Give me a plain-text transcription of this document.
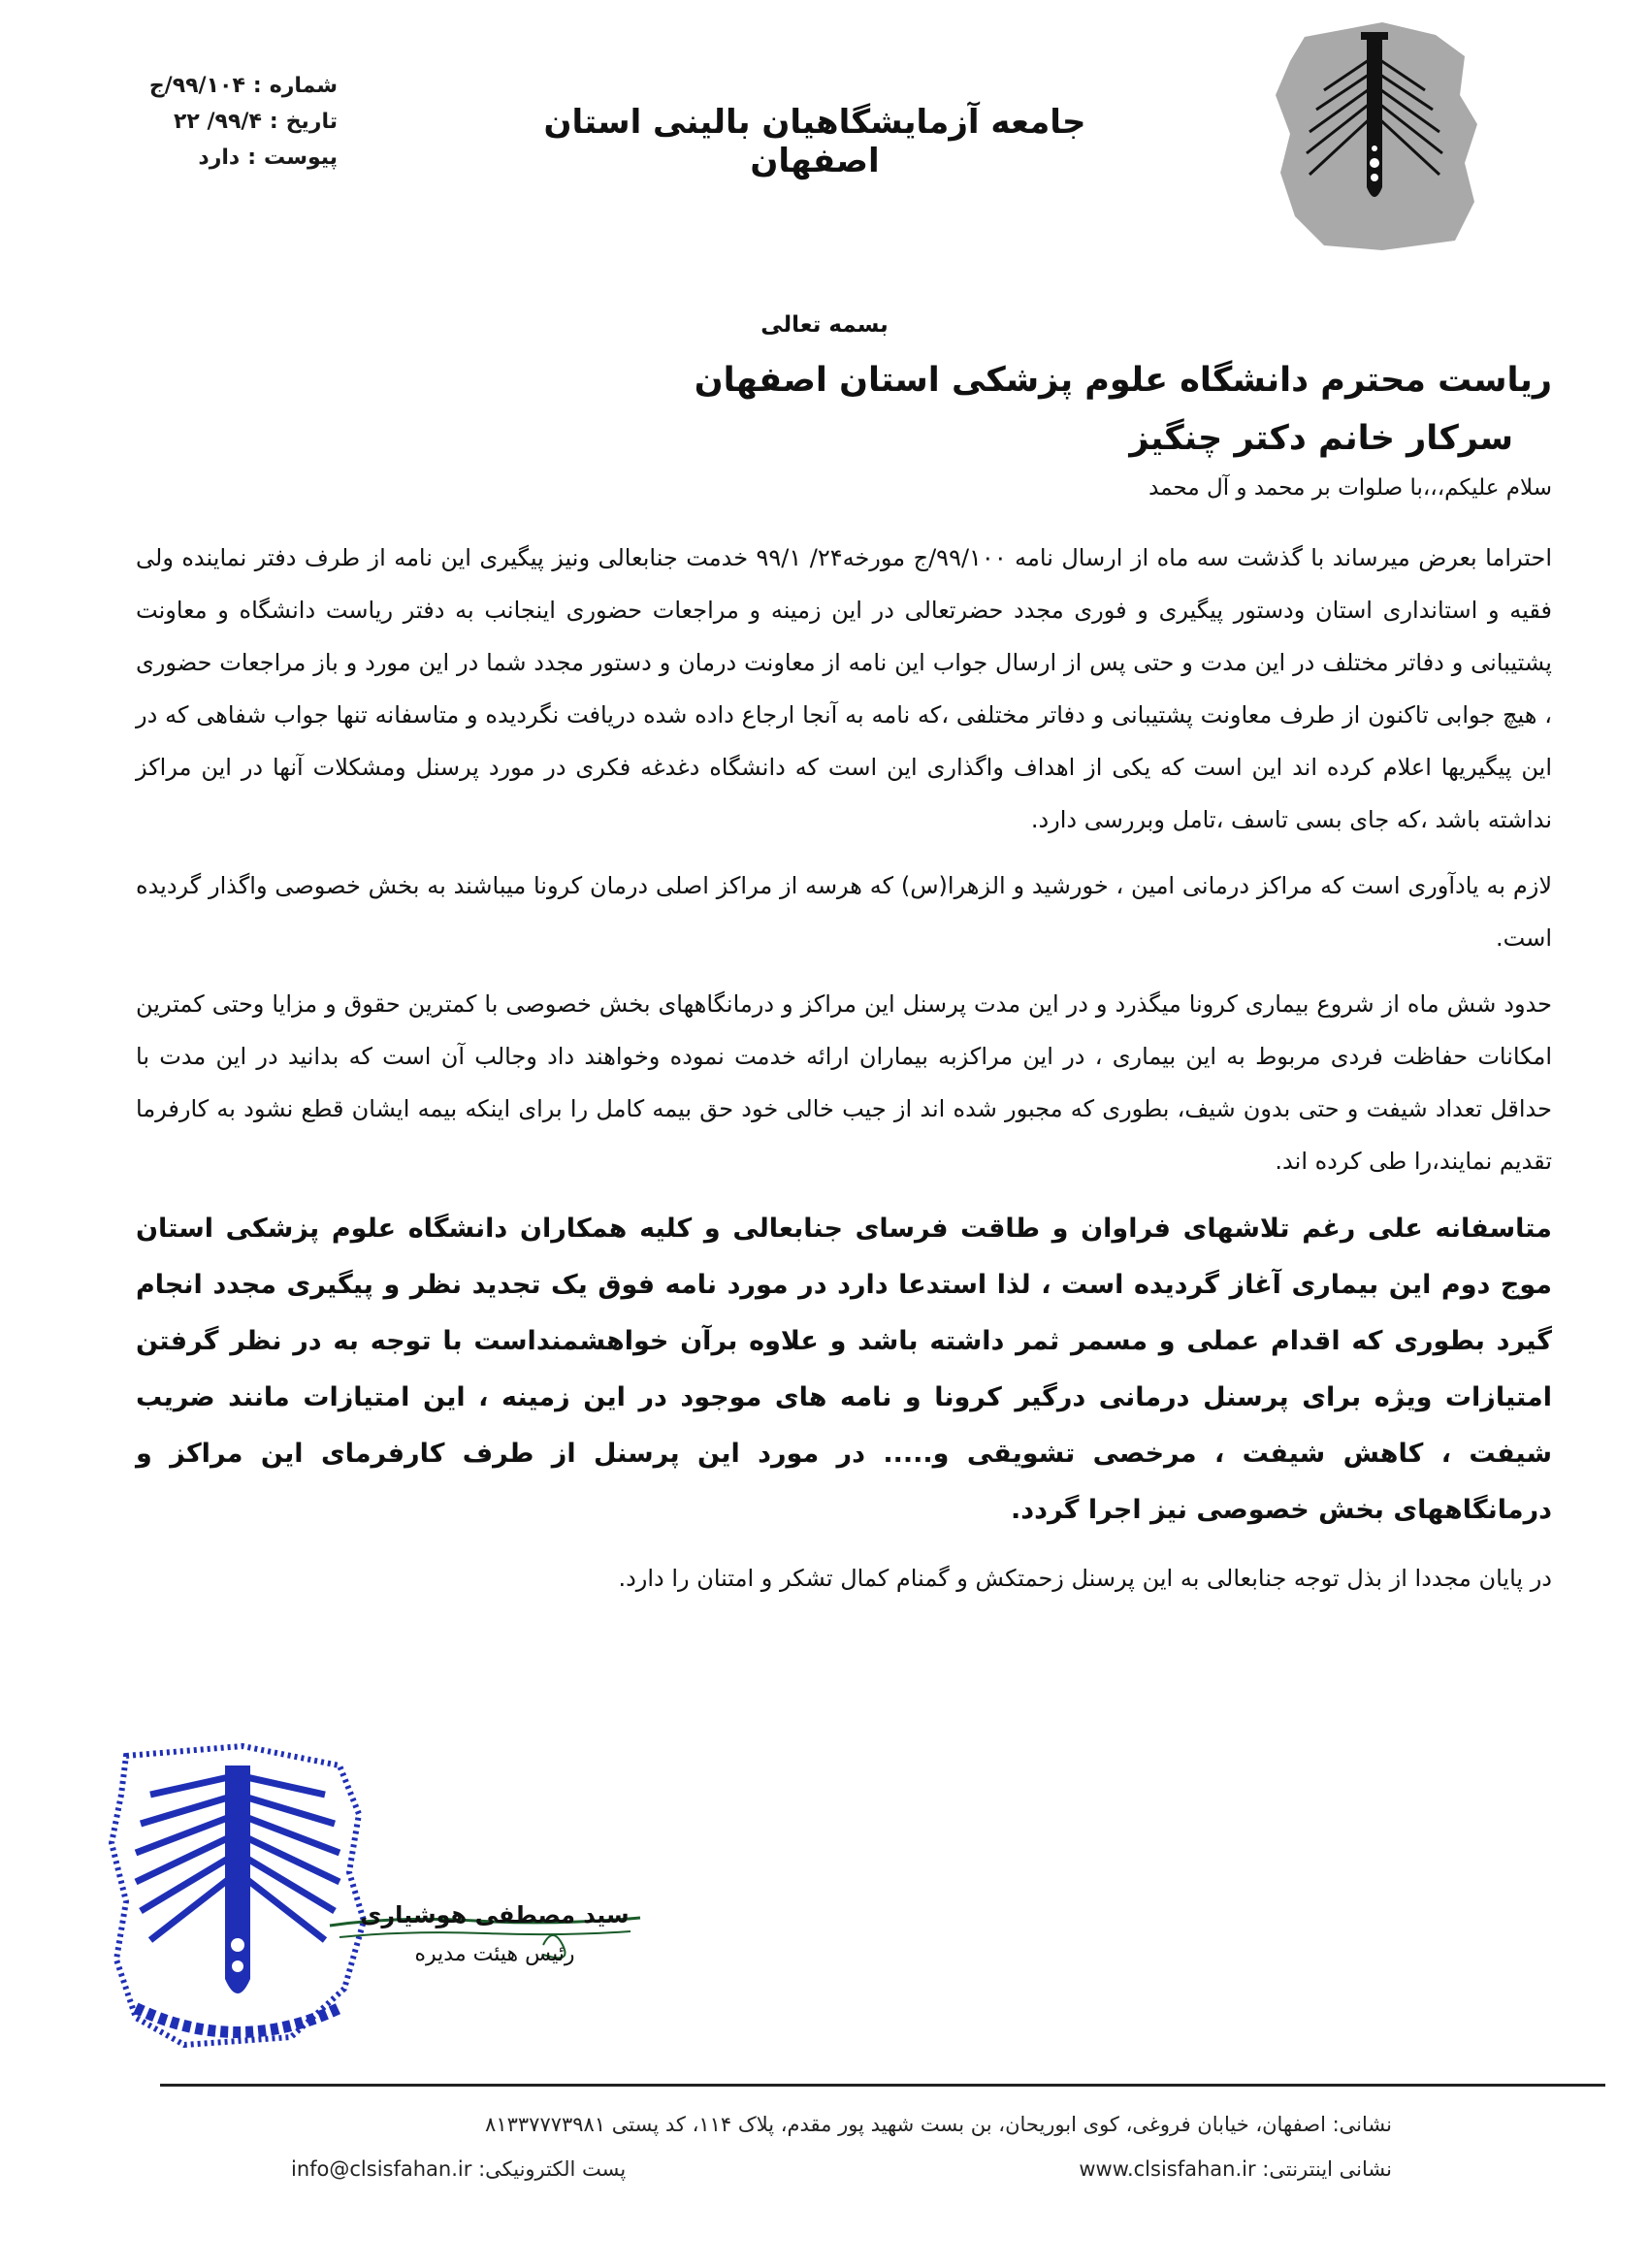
شماره:۹۹/۱۰۴/ج
تاریخ:۹۹/۴/ ۲۲
پیوست:دارد
جامعه آزمایشگاهیان بالینی استان اصفهان
بسمه تعالی
ریاست محترم دانشگاه علوم پزشکی استان اصفهان
سرکار خانم دکتر چنگیز
سلام علیکم،،،با صلوات بر محمد و آل محمد

احتراما بعرض میرساند با گذشت سه ماه از ارسال نامه ۹۹/۱۰۰/ج مورخه۲۴/ ۹۹/۱ خدمت جنابعالی ونیز پیگیری این نامه از طرف دفتر نماینده ولی فقیه و استانداری استان ودستور پیگیری و فوری مجدد حضرتعالی در این زمینه و مراجعات حضوری اینجانب به دفتر ریاست دانشگاه و معاونت پشتیبانی و دفاتر مختلف در این مدت و حتی پس از ارسال جواب این نامه از معاونت درمان و دستور مجدد شما در این مورد و باز مراجعات حضوری ، هیچ جوابی تاکنون از طرف معاونت پشتیبانی و دفاتر مختلفی ،که نامه به آنجا ارجاع داده شده دریافت نگردیده و متاسفانه تنها جواب شفاهی که در این پیگیریها اعلام کرده اند این است که یکی از اهداف واگذاری این است که دانشگاه دغدغه فکری در مورد پرسنل ومشکلات آنها در این مراکز نداشته باشد ،که جای بسی تاسف ،تامل وبررسی دارد.

لازم به یادآوری است که مراکز درمانی امین ، خورشید و الزهرا(س) که هرسه از مراکز اصلی درمان کرونا میباشند به بخش خصوصی واگذار گردیده است.

حدود شش ماه از شروع بیماری کرونا میگذرد و در این مدت پرسنل این مراکز و درمانگاههای بخش خصوصی با کمترین حقوق و مزایا وحتی کمترین امکانات حفاظت فردی مربوط به این بیماری ، در این مراکزبه بیماران ارائه خدمت نموده وخواهند داد وجالب آن است که بدانید در این مدت با حداقل تعداد شیفت و حتی بدون شیف، بطوری که مجبور شده اند از جیب خالی خود حق بیمه کامل را برای اینکه بیمه ایشان قطع نشود به کارفرما تقدیم نمایند،را طی کرده اند.

متاسفانه علی رغم تلاشهای فراوان و طاقت فرسای جنابعالی و کلیه همکاران دانشگاه علوم پزشکی استان موج دوم این بیماری آغاز گردیده است ، لذا استدعا دارد در مورد نامه فوق یک تجدید نظر و پیگیری مجدد انجام گیرد بطوری که اقدام عملی و مسمر ثمر داشته باشد و علاوه برآن خواهشمنداست با توجه به در نظر گرفتن امتیازات ویژه برای پرسنل درمانی درگیر کرونا و نامه های موجود در این زمینه ، این امتیازات مانند ضریب شیفت ، کاهش شیفت ، مرخصی تشویقی و..... در مورد این پرسنل از طرف کارفرمای این مراکز و درمانگاههای بخش خصوصی نیز اجرا گردد.

در پایان مجددا از بذل توجه جنابعالی به این پرسنل زحمتکش و گمنام کمال تشکر و امتنان را دارد.

سید مصطفی هوشیاری
رئیس هیئت مدیره
نشانی: اصفهان، خیابان فروغی، کوی ابوریحان، بن بست شهید پور مقدم، پلاک ۱۱۴، کد پستی ۸۱۳۳۷۷۷۳۹۸۱
نشانی اینترنتی: www.clsisfahan.ir
پست الکترونیکی: info@clsisfahan.ir
